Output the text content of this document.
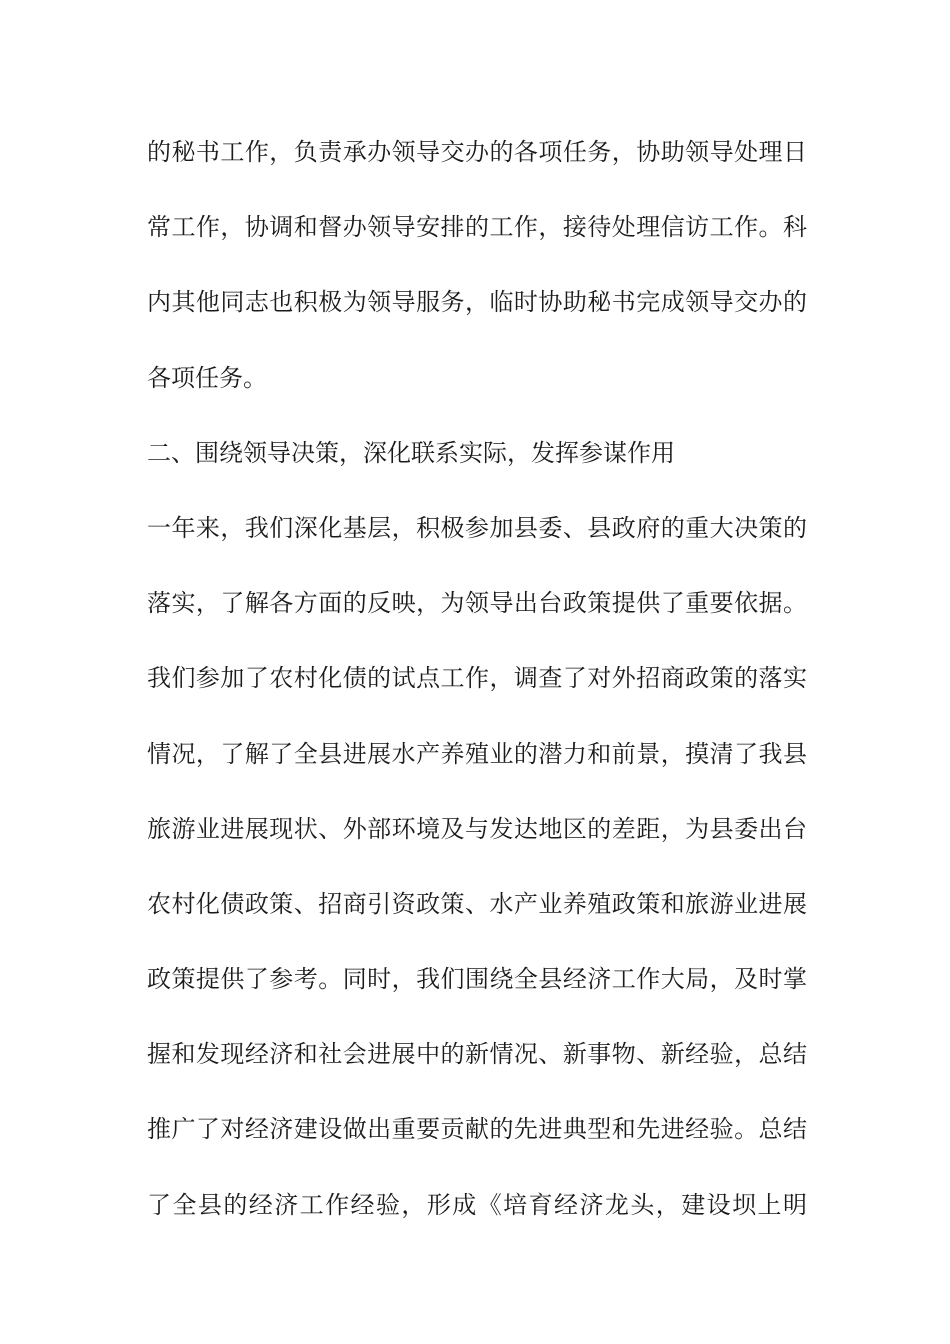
的秘书工作，负责承办领导交办的各项任务，协助领导处理日
常工作，协调和督办领导安排的工作，接待处理信访工作。科
内其他同志也积极为领导服务，临时协助秘书完成领导交办的
各项任务。
二、围绕领导决策，深化联系实际，发挥参谋作用
一年来，我们深化基层，积极参加县委、县政府的重大决策的
落实，了解各方面的反映，为领导出台政策提供了重要依据。
我们参加了农村化债的试点工作，调查了对外招商政策的落实
情况，了解了全县进展水产养殖业的潜力和前景，摸清了我县
旅游业进展现状、外部环境及与发达地区的差距，为县委出台
农村化债政策、招商引资政策、水产业养殖政策和旅游业进展
政策提供了参考。同时，我们围绕全县经济工作大局，及时掌
握和发现经济和社会进展中的新情况、新事物、新经验，总结
推广了对经济建设做出重要贡献的先进典型和先进经验。总结
了全县的经济工作经验，形成《培育经济龙头，建设坝上明
